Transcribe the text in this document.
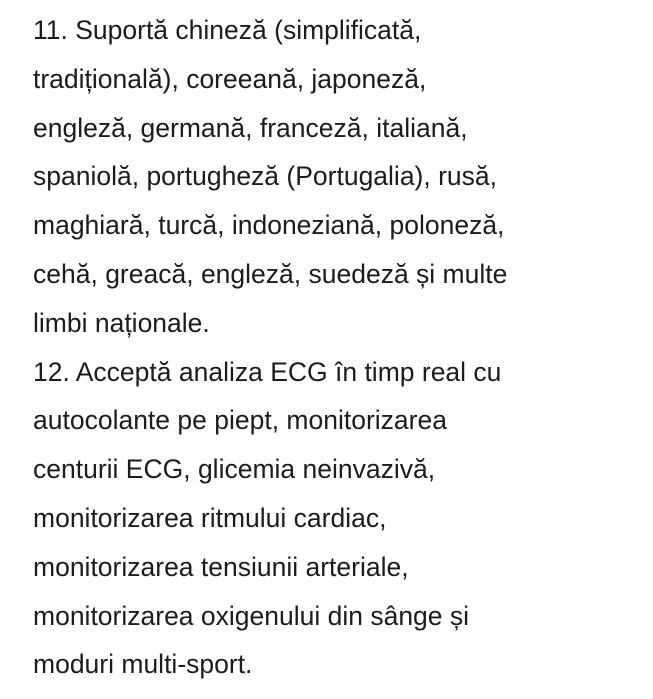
11. Suportă chineză (simplificată,
tradițională), coreeană, japoneză,
engleză, germană, franceză, italiană,
spaniolă, portugheză (Portugalia), rusă,
maghiară, turcă, indoneziană, poloneză,
cehă, greacă, engleză, suedeză și multe
limbi naționale.
12. Acceptă analiza ECG în timp real cu
autocolante pe piept, monitorizarea
centurii ECG, glicemia neinvazivă,
monitorizarea ritmului cardiac,
monitorizarea tensiunii arteriale,
monitorizarea oxigenului din sânge și
moduri multi-sport.
